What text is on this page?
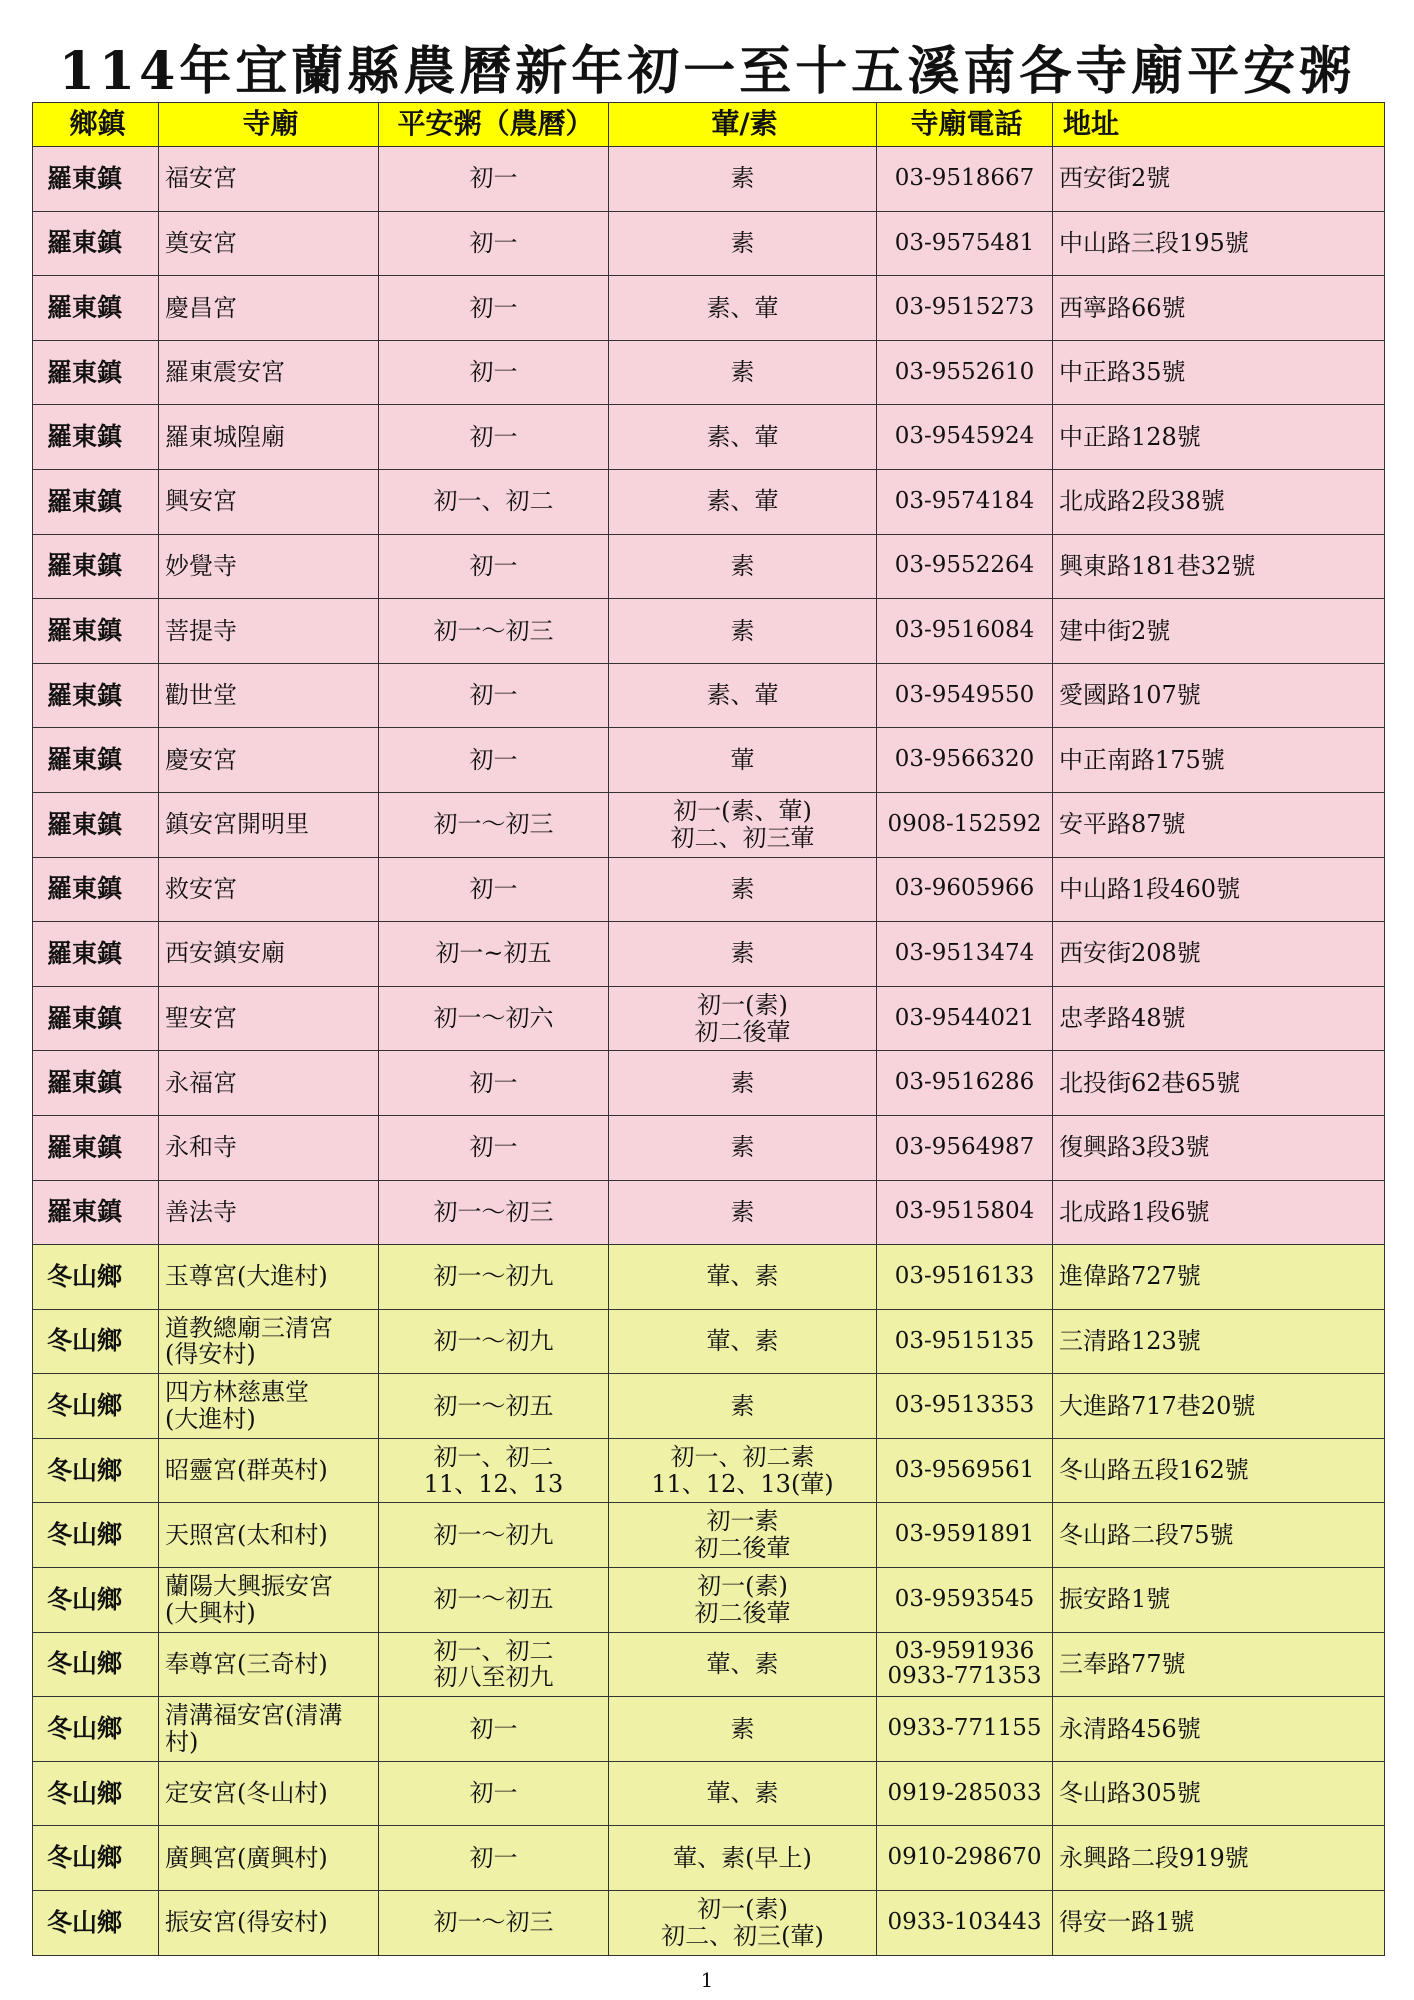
114年宜蘭縣農曆新年初一至十五溪南各寺廟平安粥
鄉鎮	寺廟	平安粥（農曆）	葷/素	寺廟電話	地址
羅東鎮	福安宮	初一	素	03-9518667	西安街2號
羅東鎮	奠安宮	初一	素	03-9575481	中山路三段195號
羅東鎮	慶昌宮	初一	素、葷	03-9515273	西寧路66號
羅東鎮	羅東震安宮	初一	素	03-9552610	中正路35號
羅東鎮	羅東城隍廟	初一	素、葷	03-9545924	中正路128號
羅東鎮	興安宮	初一、初二	素、葷	03-9574184	北成路2段38號
羅東鎮	妙覺寺	初一	素	03-9552264	興東路181巷32號
羅東鎮	菩提寺	初一～初三	素	03-9516084	建中街2號
羅東鎮	勸世堂	初一	素、葷	03-9549550	愛國路107號
羅東鎮	慶安宮	初一	葷	03-9566320	中正南路175號
羅東鎮	鎮安宮開明里	初一～初三	初一(素、葷)
初二、初三葷	0908-152592	安平路87號
羅東鎮	救安宮	初一	素	03-9605966	中山路1段460號
羅東鎮	西安鎮安廟	初一~初五	素	03-9513474	西安街208號
羅東鎮	聖安宮	初一～初六	初一(素)
初二後葷	03-9544021	忠孝路48號
羅東鎮	永福宮	初一	素	03-9516286	北投街62巷65號
羅東鎮	永和寺	初一	素	03-9564987	復興路3段3號
羅東鎮	善法寺	初一～初三	素	03-9515804	北成路1段6號
冬山鄉	玉尊宮(大進村)	初一～初九	葷、素	03-9516133	進偉路727號
冬山鄉	道教總廟三清宮
(得安村)	初一～初九	葷、素	03-9515135	三清路123號
冬山鄉	四方林慈惠堂
(大進村)	初一～初五	素	03-9513353	大進路717巷20號
冬山鄉	昭靈宮(群英村)	初一、初二
11、12、13	初一、初二素
11、12、13(葷)	03-9569561	冬山路五段162號
冬山鄉	天照宮(太和村)	初一～初九	初一素
初二後葷	03-9591891	冬山路二段75號
冬山鄉	蘭陽大興振安宮
(大興村)	初一～初五	初一(素)
初二後葷	03-9593545	振安路1號
冬山鄉	奉尊宮(三奇村)	初一、初二
初八至初九	葷、素	03-9591936
0933-771353	三奉路77號
冬山鄉	清溝福安宮(清溝
村)	初一	素	0933-771155	永清路456號
冬山鄉	定安宮(冬山村)	初一	葷、素	0919-285033	冬山路305號
冬山鄉	廣興宮(廣興村)	初一	葷、素(早上)	0910-298670	永興路二段919號
冬山鄉	振安宮(得安村)	初一～初三	初一(素)
初二、初三(葷)	0933-103443	得安一路1號
1
